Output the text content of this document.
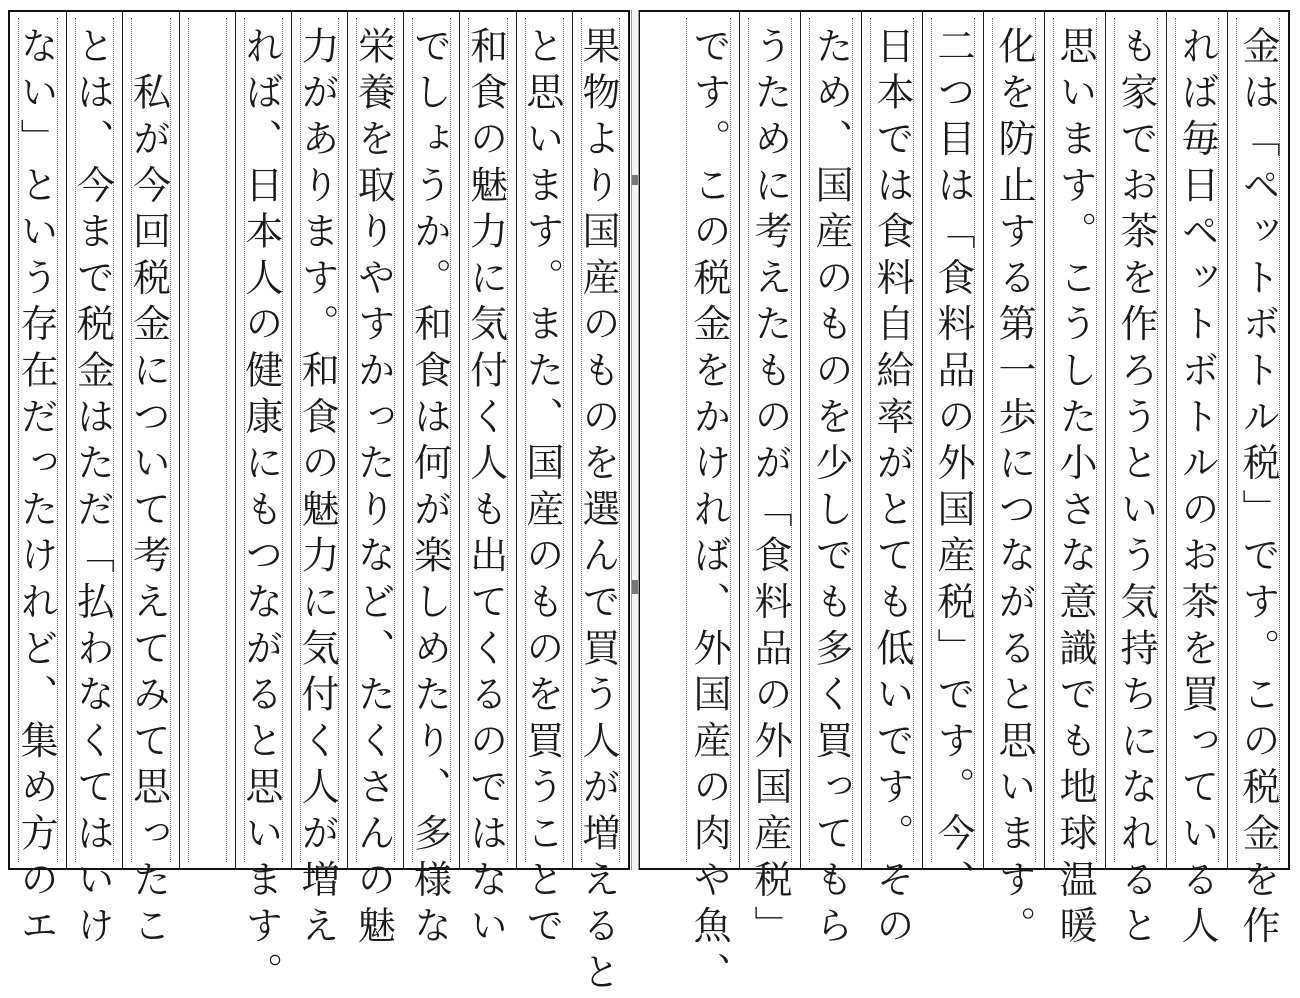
金は「ペットボトル税」です。この税金を作
れば毎日ペットボトルのお茶を買っている人
も家でお茶を作ろうという気持ちになれると
思います。こうした小さな意識でも地球温暖
化を防止する第一歩につながると思います。
二つ目は「食料品の外国産税」です。今、
日本では食料自給率がとても低いです。その
ため、国産のものを少しでも多く買ってもら
うために考えたものが「食料品の外国産税」
です。この税金をかければ、外国産の肉や魚、
果物より国産のものを選んで買う人が増えると
と思います。また、国産のものを買うことで
和食の魅力に気付く人も出てくるのではない
でしょうか。和食は何が楽しめたり、多様な
栄養を取りやすかったりなど、たくさんの魅
力があります。和食の魅力に気付く人が増え
れば、日本人の健康にもつながると思います。
　私が今回税金について考えてみて思ったこ
とは、今まで税金はただ「払わなくてはいけ
ない」という存在だったけれど、集め方のエ
